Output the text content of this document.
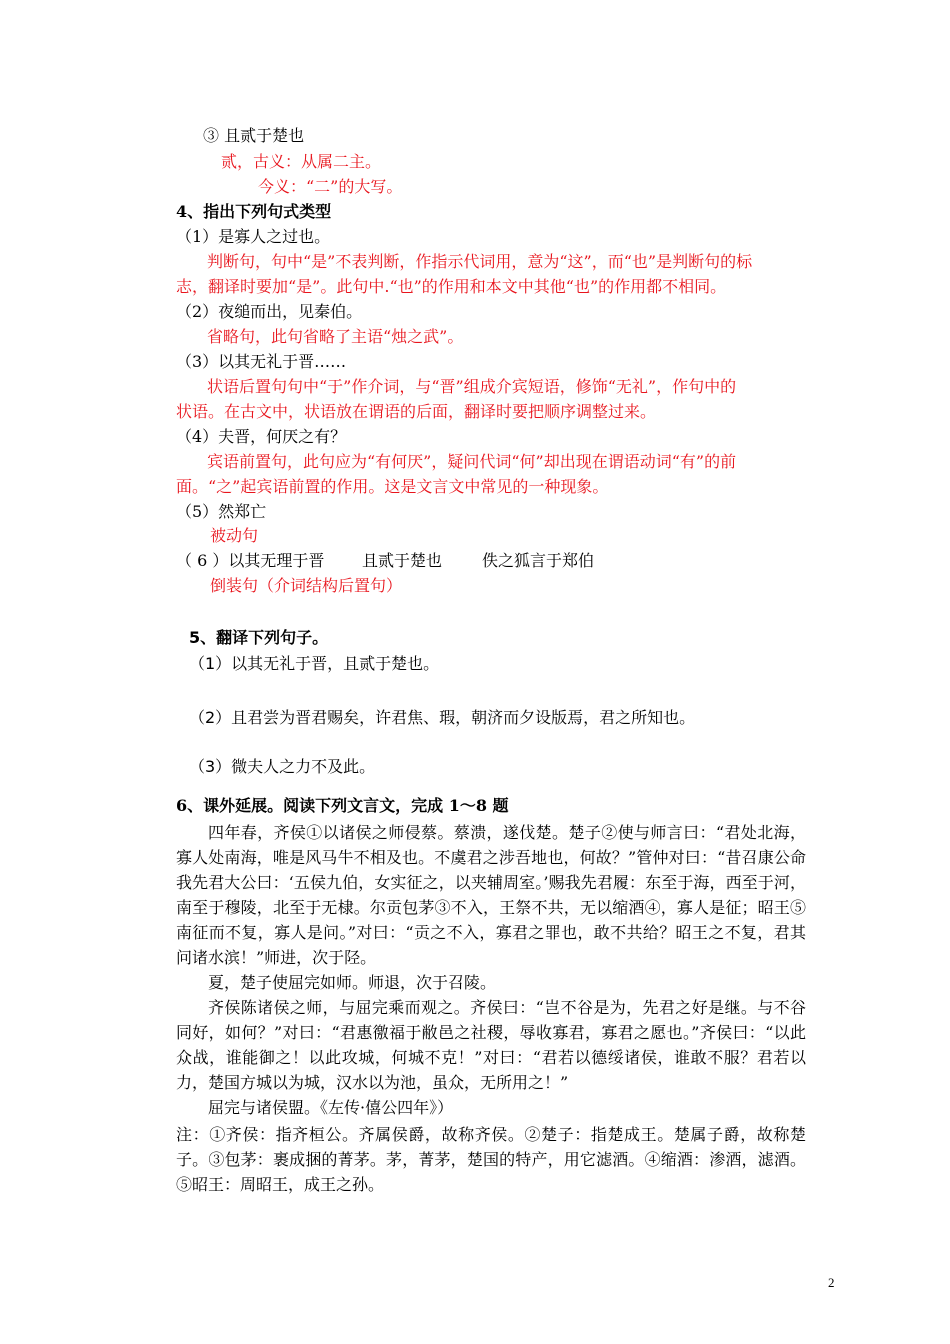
③ 且贰于楚也
贰，古义：从属二主。
今义：“二”的大写。
4、指出下列句式类型
（1）是寡人之过也。
判断句，句中“是”不表判断，作指示代词用，意为“这”，而“也”是判断句的标
志，翻译时要加“是”。此句中.“也”的作用和本文中其他“也”的作用都不相同。
（2）夜缒而出，见秦伯。
省略句，此句省略了主语“烛之武”。
（3）以其无礼于晋……
状语后置句句中“于”作介词，与“晋”组成介宾短语，修饰“无礼”，作句中的
状语。在古文中，状语放在谓语的后面，翻译时要把顺序调整过来。
（4）夫晋，何厌之有？
宾语前置句，此句应为“有何厌”，疑问代词“何”却出现在谓语动词“有”的前
面。“之”起宾语前置的作用。这是文言文中常见的一种现象。
（5）然郑亡
被动句
（ 6 ）以其无理于晋 且贰于楚也 佚之狐言于郑伯
倒装句（介词结构后置句）
5、翻译下列句子。
（1）以其无礼于晋，且贰于楚也。
（2）且君尝为晋君赐矣，许君焦、瑕，朝济而夕设版焉，君之所知也。
（3）微夫人之力不及此。
6、课外延展。阅读下列文言文，完成 1～8 题

四年春，齐侯①以诸侯之师侵蔡。蔡溃，遂伐楚。楚子②使与师言曰：“君处北海，寡人处南海，唯是风马牛不相及也。不虞君之涉吾地也，何故？”管仲对曰：“昔召康公命我先君大公曰：‘五侯九伯，女实征之，以夹辅周室。’赐我先君履：东至于海，西至于河，南至于穆陵，北至于无棣。尔贡包茅③不入，王祭不共，无以缩酒④，寡人是征；昭王⑤南征而不复，寡人是问。”对曰：“贡之不入，寡君之罪也，敢不共给？昭王之不复，君其问诸水滨！”师进，次于陉。

夏，楚子使屈完如师。师退，次于召陵。

齐侯陈诸侯之师，与屈完乘而观之。齐侯曰：“岂不谷是为，先君之好是继。与不谷同好，如何？”对曰：“君惠徼福于敝邑之社稷，辱收寡君，寡君之愿也。”齐侯曰：“以此众战，谁能御之！以此攻城，何城不克！”对曰：“君若以德绥诸侯，谁敢不服？君若以力，楚国方城以为城，汉水以为池，虽众，无所用之！”

屈完与诸侯盟。《左传·僖公四年》）

注：①齐侯：指齐桓公。齐属侯爵，故称齐侯。②楚子：指楚成王。楚属子爵，故称楚子。③包茅：裹成捆的菁茅。茅，菁茅，楚国的特产，用它滤酒。④缩酒：渗酒，滤酒。⑤昭王：周昭王，成王之孙。

2
